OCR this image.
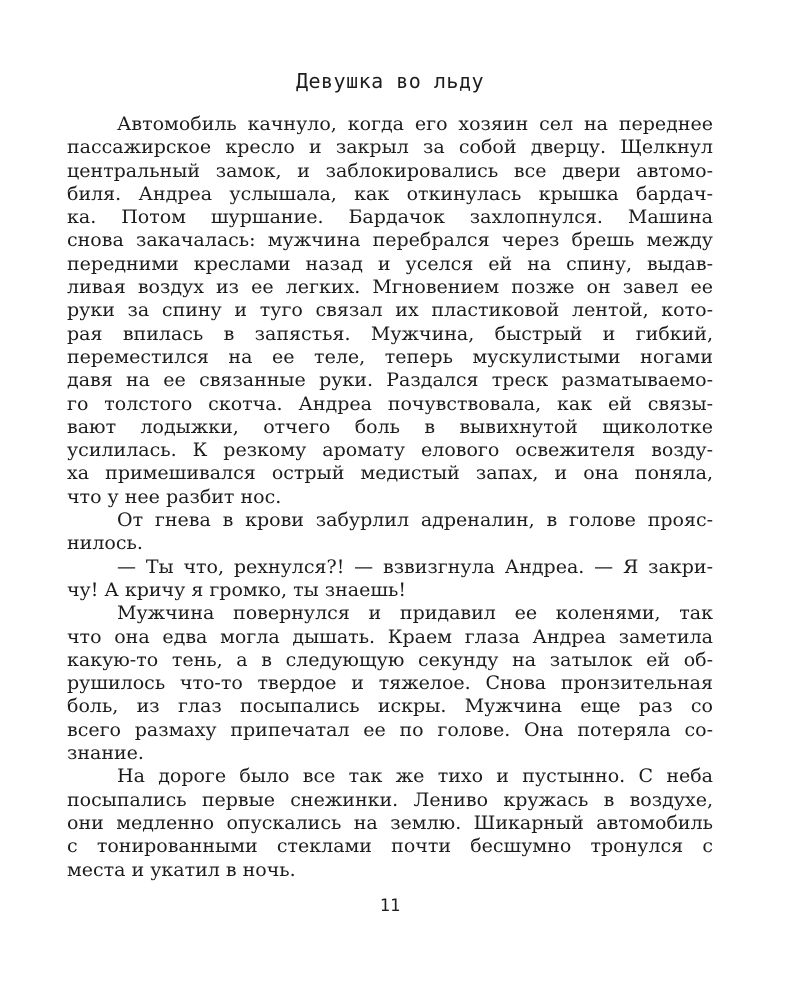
Девушка во льду
Автомобиль качнуло, когда его хозяин сел на переднее
пассажирское кресло и закрыл за собой дверцу. Щелкнул
центральный замок, и заблокировались все двери автомо-
биля. Андреа услышала, как откинулась крышка бардач-
ка. Потом шуршание. Бардачок захлопнулся. Машина
снова закачалась: мужчина перебрался через брешь между
передними креслами назад и уселся ей на спину, выдав-
ливая воздух из ее легких. Мгновением позже он завел ее
руки за спину и туго связал их пластиковой лентой, кото-
рая впилась в запястья. Мужчина, быстрый и гибкий,
переместился на ее теле, теперь мускулистыми ногами
давя на ее связанные руки. Раздался треск разматываемо-
го толстого скотча. Андреа почувствовала, как ей связы-
вают лодыжки, отчего боль в вывихнутой щиколотке
усилилась. К резкому аромату елового освежителя возду-
ха примешивался острый медистый запах, и она поняла,
что у нее разбит нос.
От гнева в крови забурлил адреналин, в голове прояс-
нилось.
— Ты что, рехнулся?! — взвизгнула Андреа. — Я закри-
чу! А кричу я громко, ты знаешь!
Мужчина повернулся и придавил ее коленями, так
что она едва могла дышать. Краем глаза Андреа заметила
какую-то тень, а в следующую секунду на затылок ей об-
рушилось что-то твердое и тяжелое. Снова пронзительная
боль, из глаз посыпались искры. Мужчина еще раз со
всего размаху припечатал ее по голове. Она потеряла со-
знание.
На дороге было все так же тихо и пустынно. С неба
посыпались первые снежинки. Лениво кружась в воздухе,
они медленно опускались на землю. Шикарный автомобиль
с тонированными стеклами почти бесшумно тронулся с
места и укатил в ночь.
11
